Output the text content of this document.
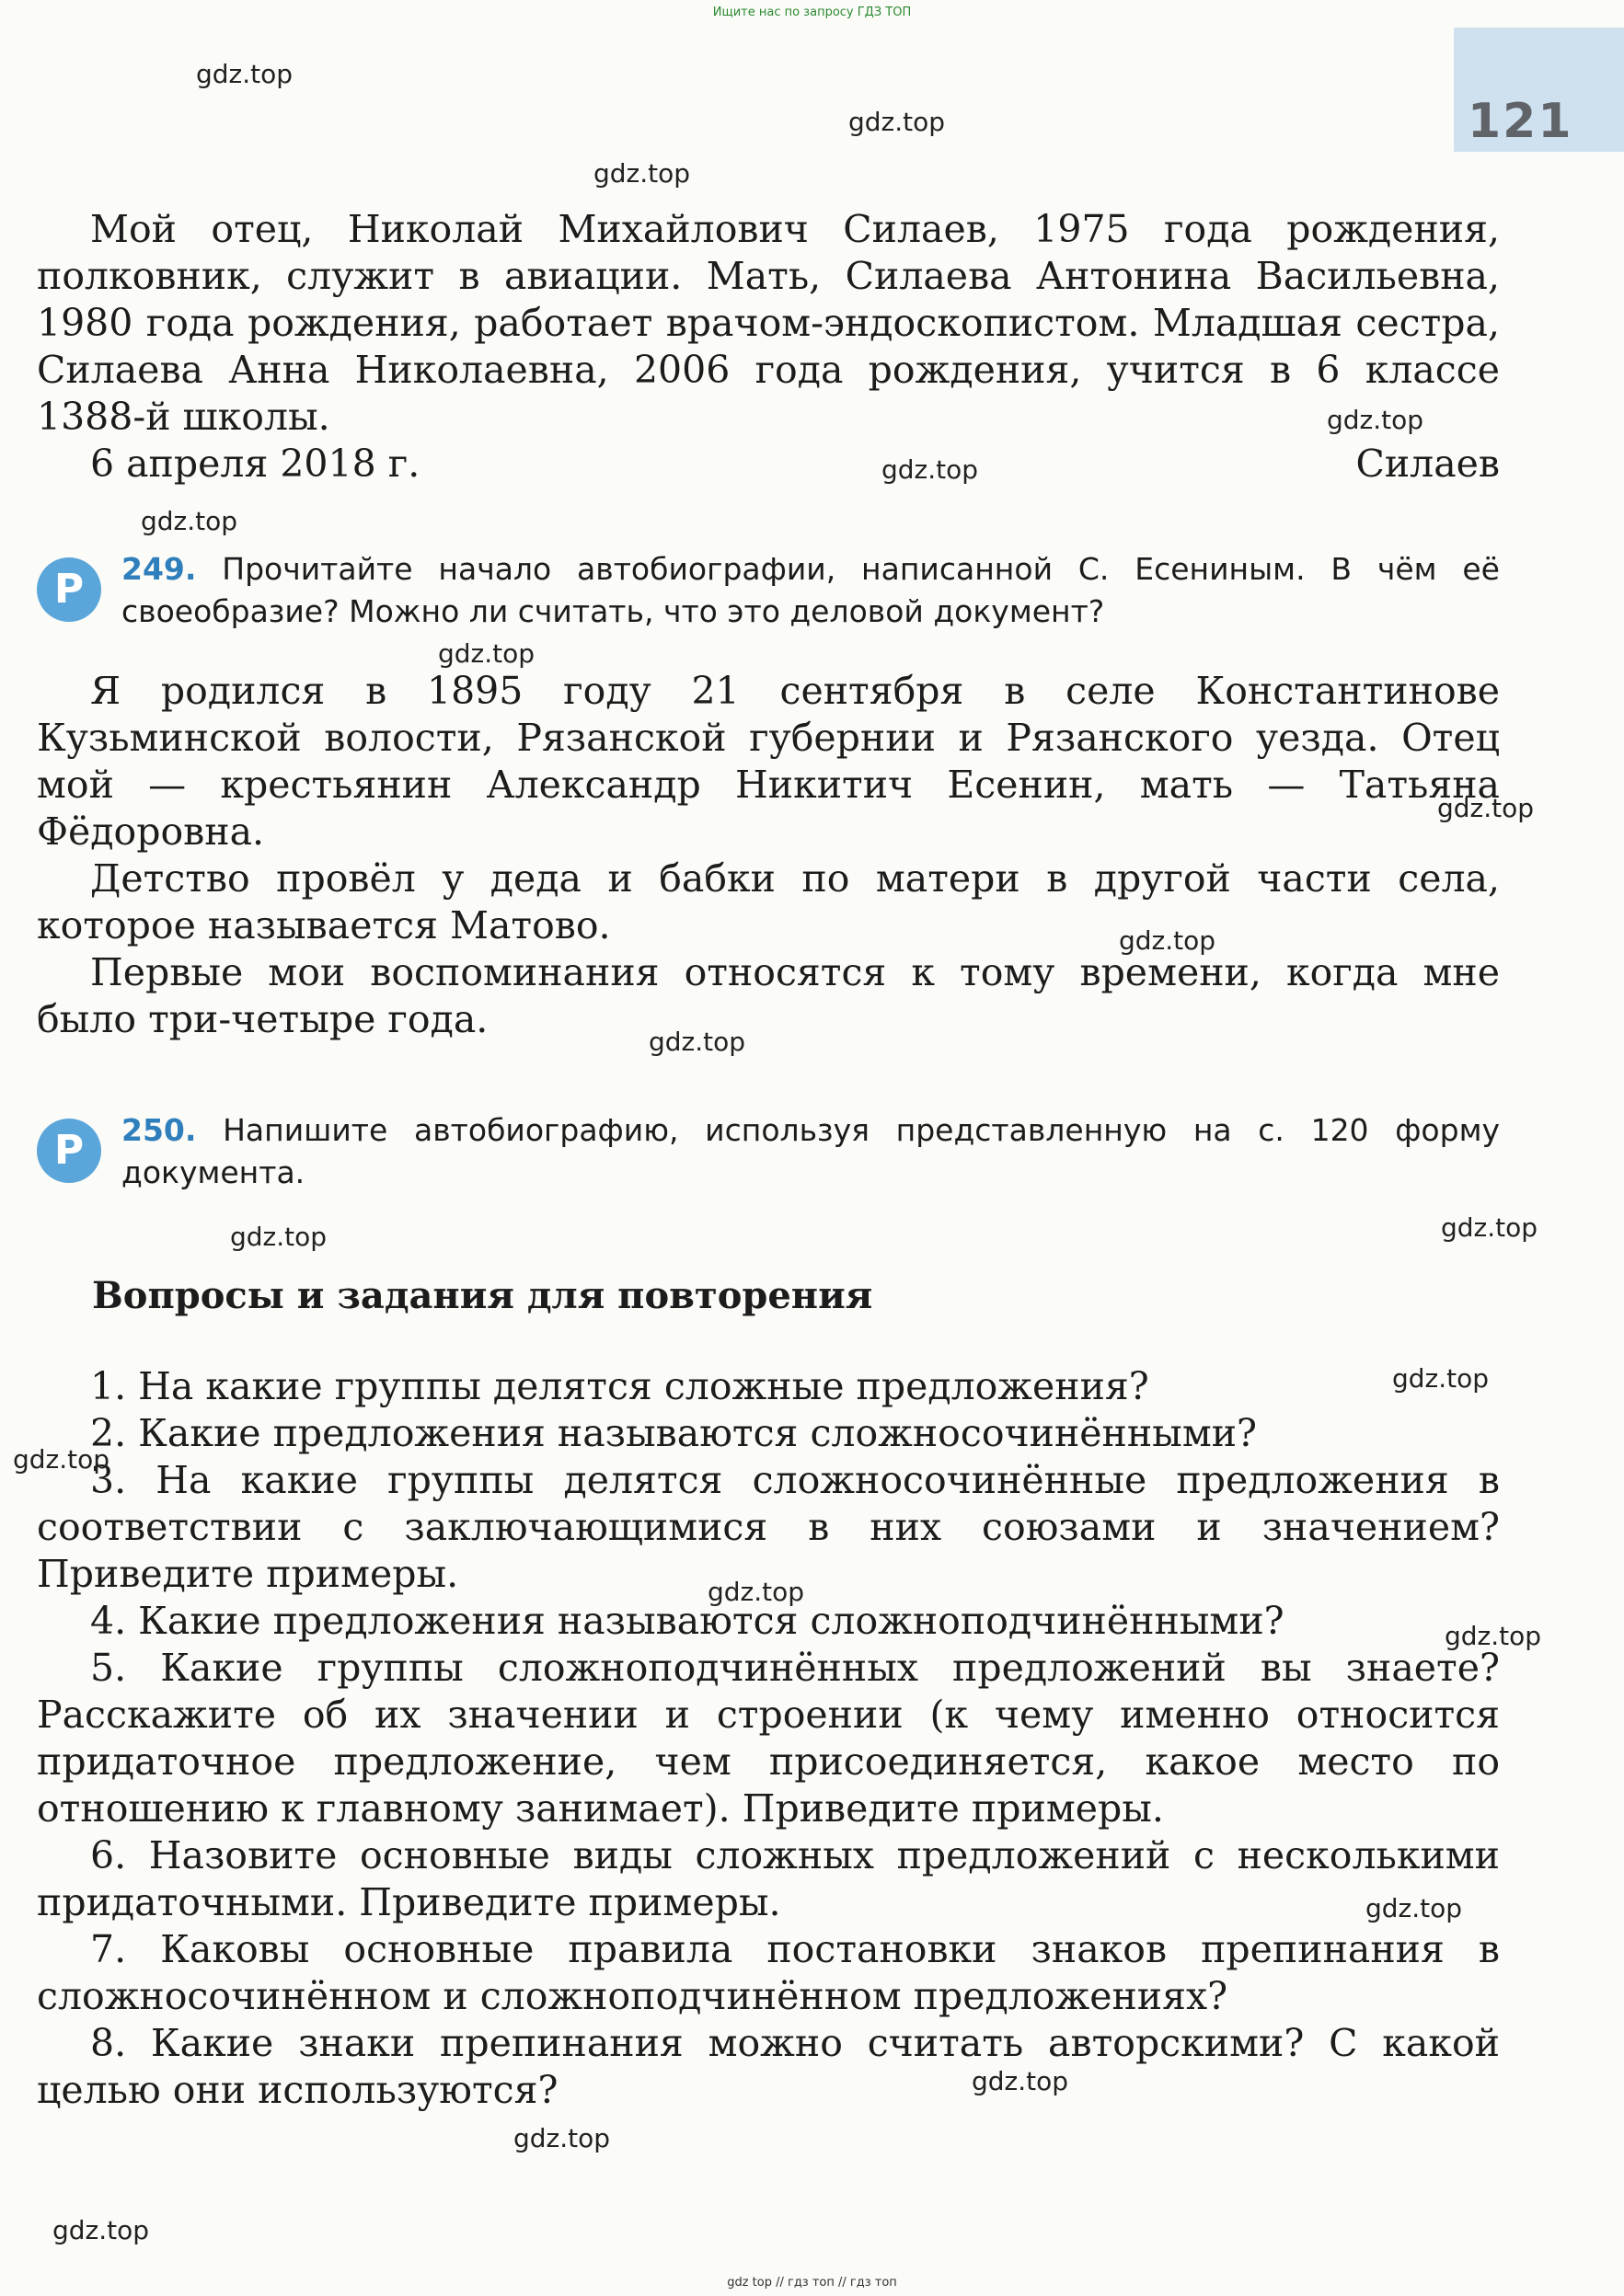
121
Ищите нас по запросу ГДЗ ТОП

Мой отец, Николай Михайлович Силаев, 1975 года рождения, полковник, служит в авиации. Мать, Силаева Антонина Васильевна, 1980 года рождения, работает врачом-эндоскопистом. Младшая сестра, Силаева Анна Николаевна, 2006 года рождения, учится в 6 классе 1388-й школы.

6 апреля 2018 г.	Силаев
Р	249. Прочитайте начало автобиографии, написанной С. Есениным. В чём её своеобразие? Можно ли считать, что это деловой документ?

Я родился в 1895 году 21 сентября в селе Константинове Кузьминской волости, Рязанской губернии и Рязанского уезда. Отец мой — крестьянин Александр Никитич Есенин, мать — Татьяна Фёдоровна.

Детство провёл у деда и бабки по матери в другой части села, которое называется Матово.

Первые мои воспоминания относятся к тому времени, когда мне было три-четыре года.

Р	250. Напишите автобиографию, используя представленную на с. 120 форму документа.
Вопросы и задания для повторения

1. На какие группы делятся сложные предложения?

2. Какие предложения называются сложносочинёнными?

3. На какие группы делятся сложносочинённые предложения в соответствии с заключающимися в них союзами и значением? Приведите примеры.

4. Какие предложения называются сложноподчинёнными?

5. Какие группы сложноподчинённых предложений вы знаете? Расскажите об их значении и строении (к чему именно относится придаточное предложение, чем присоединяется, какое место по отношению к главному занимает). Приведите примеры.

6. Назовите основные виды сложных предложений с несколькими придаточными. Приведите примеры.

7. Каковы основные правила постановки знаков препинания в сложносочинённом и сложноподчинённом предложениях?

8. Какие знаки препинания можно считать авторскими? С какой целью они используются?

gdz.top
gdz.top
gdz.top
gdz.top
gdz.top
gdz.top
gdz.top
gdz.top
gdz.top
gdz.top
gdz.top
gdz.top
gdz.top
gdz.top
gdz.top
gdz.top
gdz.top
gdz.top
gdz.top
gdz.top
gdz top // гдз топ // гдз топ
